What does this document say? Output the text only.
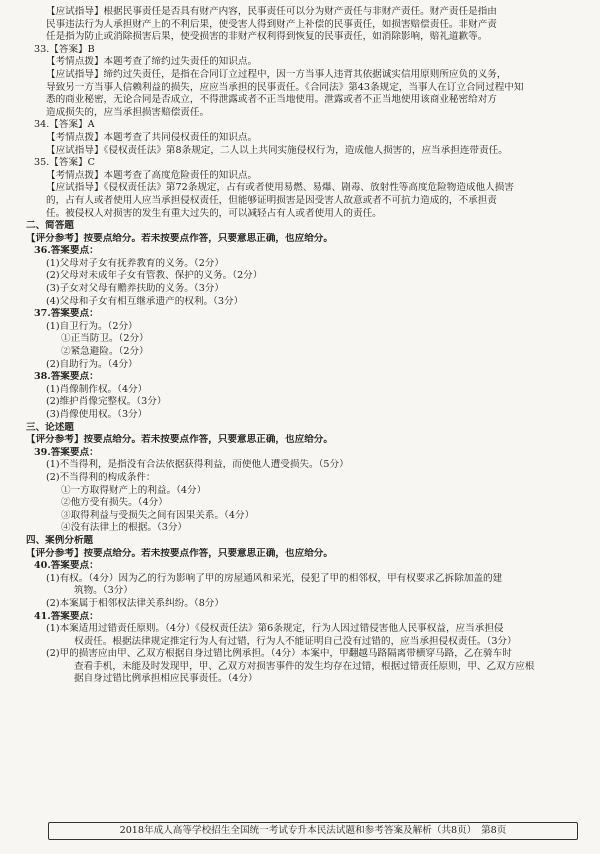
【应试指导】根据民事责任是否具有财产内容，民事责任可以分为财产责任与非财产责任。财产责任是指由
民事违法行为人承担财产上的不利后果，使受害人得到财产上补偿的民事责任，如损害赔偿责任。非财产责
任是指为防止或消除损害后果，使受损害的非财产权利得到恢复的民事责任，如消除影响，赔礼道歉等。
33.【答案】B
【考情点拨】本题考查了缔约过失责任的知识点。
【应试指导】缔约过失责任，是指在合同订立过程中，因一方当事人违背其依据诚实信用原则所应负的义务，
导致另一方当事人信赖利益的损失，应应当承担的民事责任。《合同法》第43条规定，当事人在订立合同过程中知
悉的商业秘密，无论合同是否成立，不得泄露或者不正当地使用。泄露或者不正当地使用该商业秘密给对方
造成损失的，应当承担损害赔偿责任。
34.【答案】A
【考情点拨】本题考查了共同侵权责任的知识点。
【应试指导】《侵权责任法》第8条规定，二人以上共同实施侵权行为，造成他人损害的，应当承担连带责任。
35.【答案】C
【考情点拨】本题考查了高度危险责任的知识点。
【应试指导】《侵权责任法》第72条规定，占有或者使用易燃、易爆、剧毒、放射性等高度危险物造成他人损害
的，占有人或者使用人应当承担侵权责任，但能够证明损害是因受害人故意或者不可抗力造成的，不承担责
任。被侵权人对损害的发生有重大过失的，可以减轻占有人或者使用人的责任。
二、简答题
【评分参考】按要点给分。若未按要点作答，只要意思正确，也应给分。
36.答案要点：
(1)父母对子女有抚养教育的义务。（2分）
(2)父母对未成年子女有管教、保护的义务。（2分）
(3)子女对父母有赡养扶助的义务。（3分）
(4)父母和子女有相互继承遗产的权利。（3分）
37.答案要点：
(1)自卫行为。（2分）
①正当防卫。（2分）
②紧急避险。（2分）
(2)自助行为。（4分）
38.答案要点：
(1)肖像制作权。（4分）
(2)维护肖像完整权。（3分）
(3)肖像使用权。（3分）
三、论述题
【评分参考】按要点给分。若未按要点作答，只要意思正确，也应给分。
39.答案要点：
(1)不当得利，是指没有合法依据获得利益，而使他人遭受损失。（5分）
(2)不当得利的构成条件：
①一方取得财产上的利益。（4分）
②他方受有损失。（4分）
③取得利益与受损失之间有因果关系。（4分）
④没有法律上的根据。（3分）
四、案例分析题
【评分参考】按要点给分。若未按要点作答，只要意思正确，也应给分。
40.答案要点：
(1)有权。（4分）因为乙的行为影响了甲的房屋通风和采光，侵犯了甲的相邻权，甲有权要求乙拆除加盖的建
筑物。（3分）
(2)本案属于相邻权法律关系纠纷。（8分）
41.答案要点：
(1)本案适用过错责任原则。（4分）《侵权责任法》第6条规定，行为人因过错侵害他人民事权益，应当承担侵
权责任。根据法律规定推定行为人有过错，行为人不能证明自己没有过错的，应当承担侵权责任。（3分）
(2)甲的损害应由甲、乙双方根据自身过错比例承担。（4分）本案中，甲翻越马路隔离带横穿马路，乙在骑车时
查看手机，未能及时发现甲，甲、乙双方对损害事件的发生均存在过错，根据过错责任原则，甲、乙双方应根
据自身过错比例承担相应民事责任。（4分）
2018年成人高等学校招生全国统一考试专升本民法试题和参考答案及解析（共8页）　第8页
